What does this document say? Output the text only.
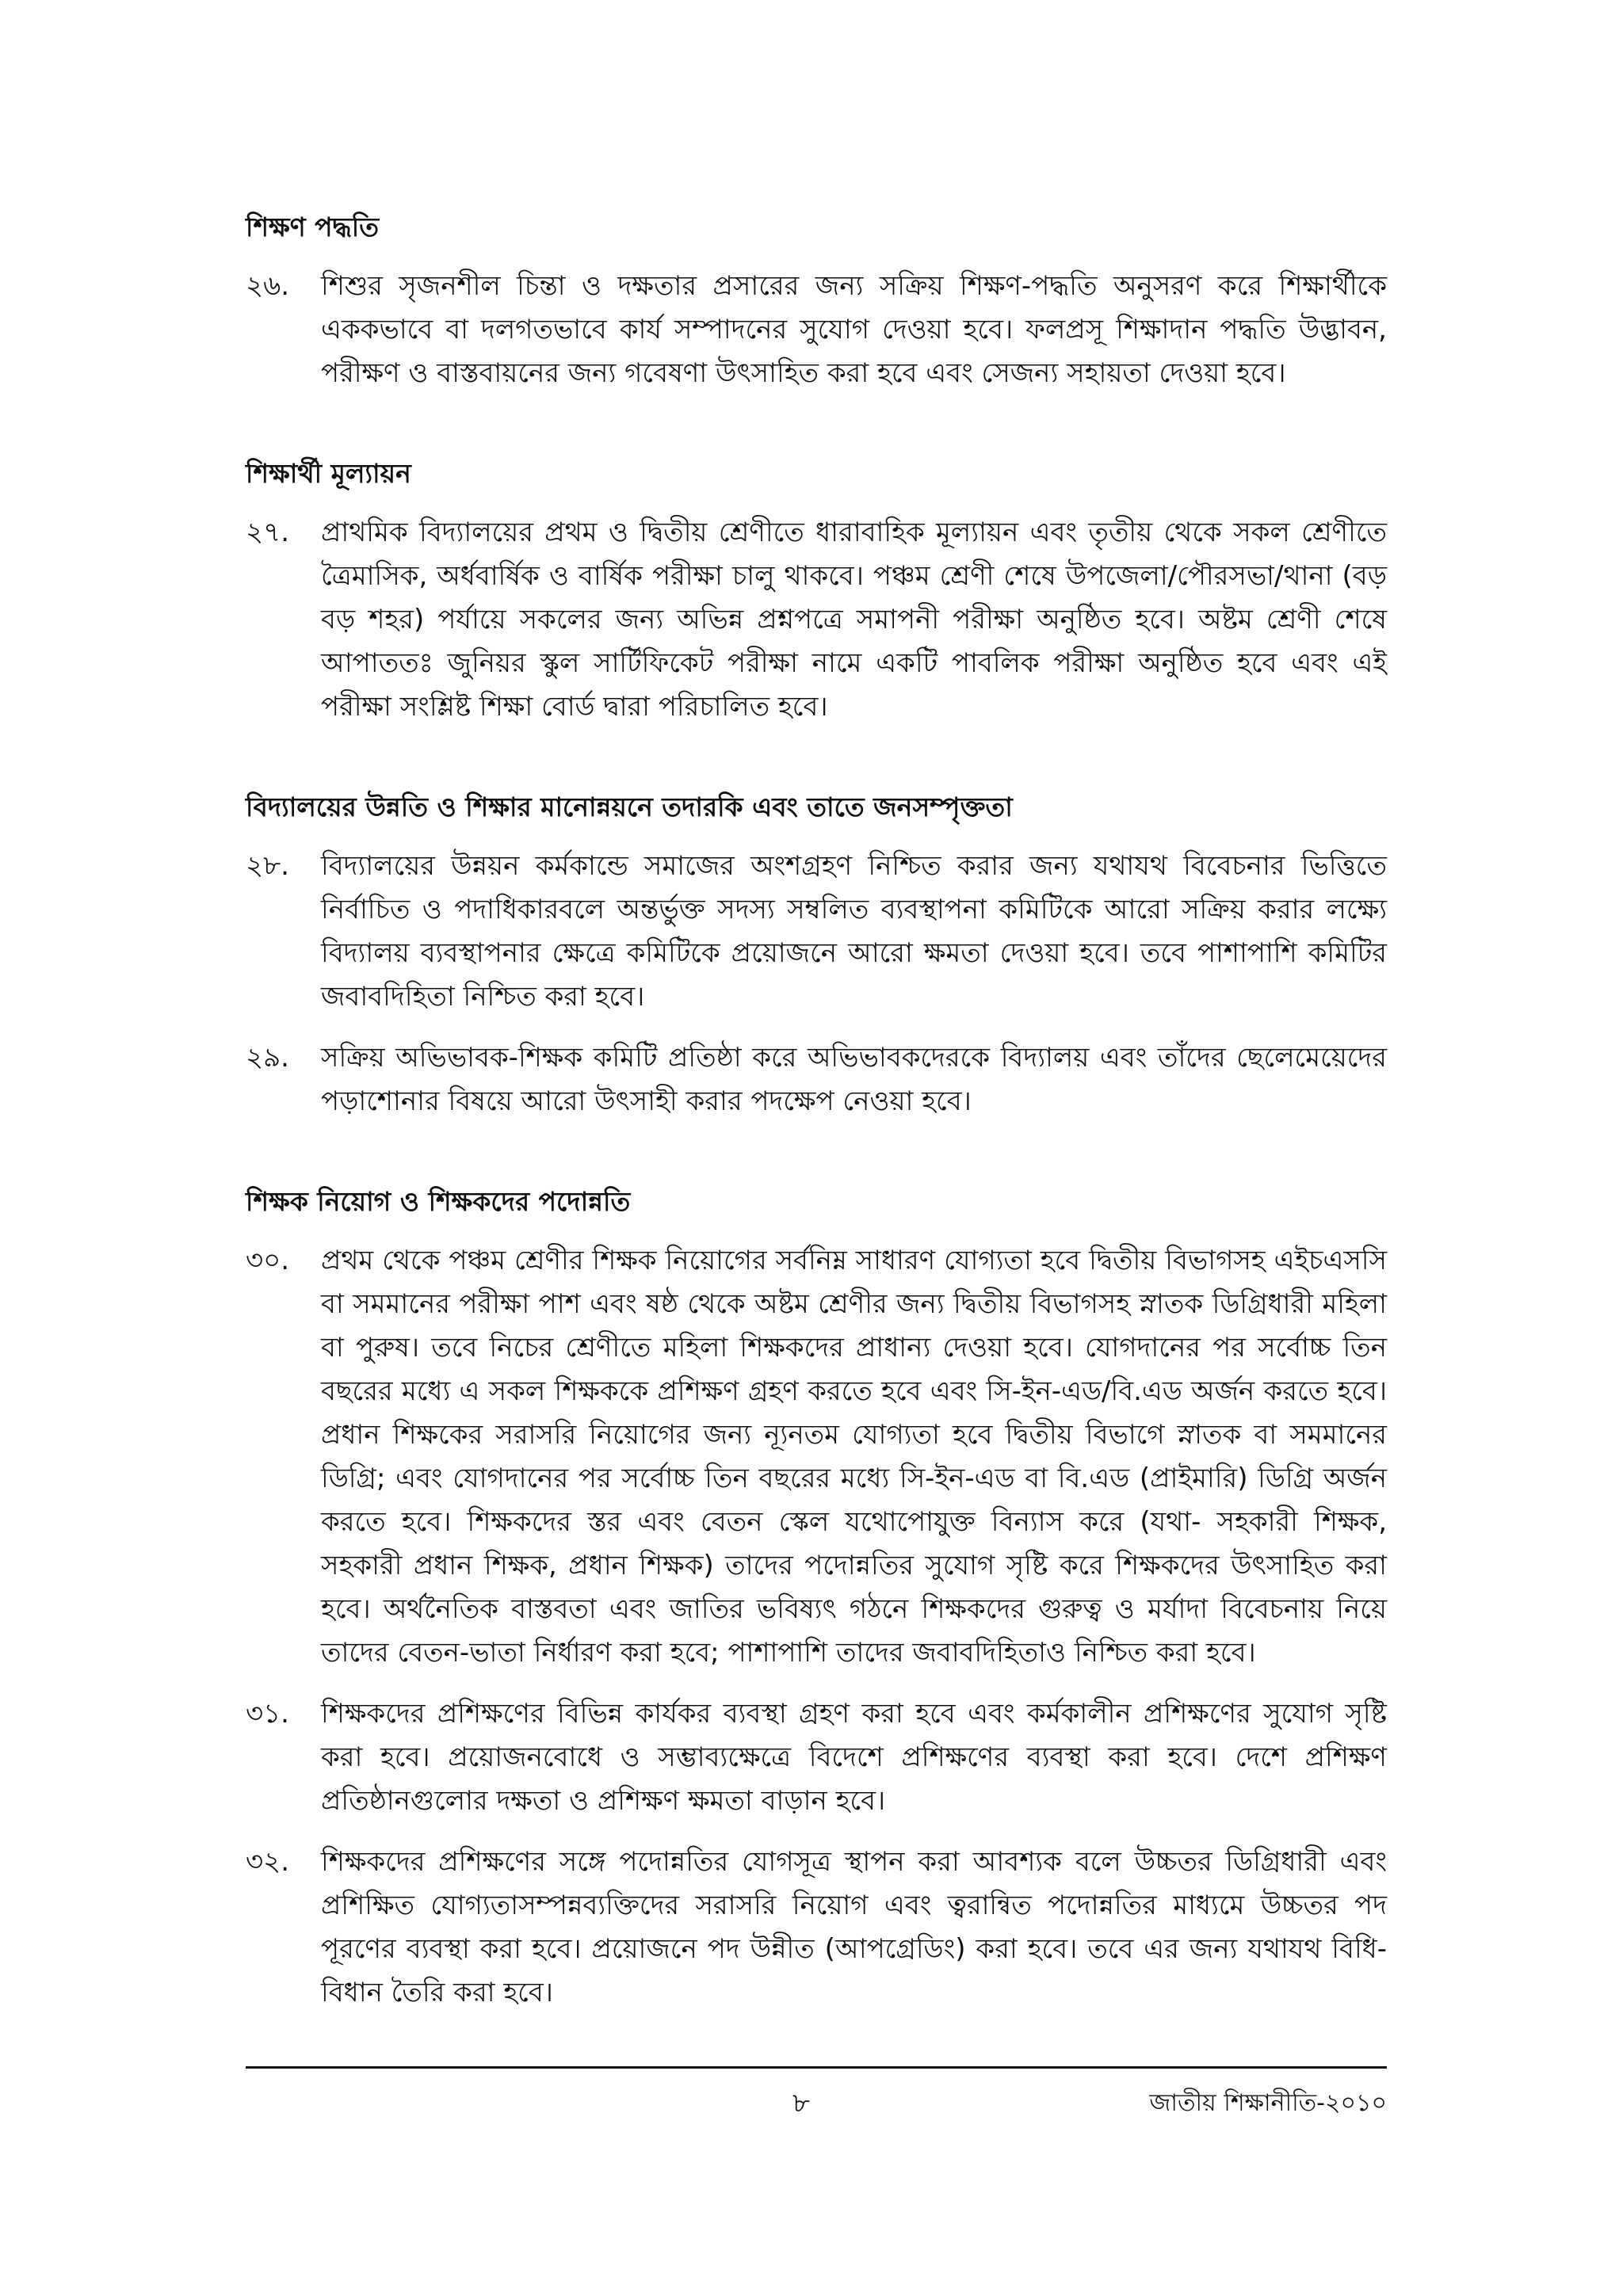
শিক্ষণ পদ্ধতি
২৬. শিশুর সৃজনশীল চিন্তা ও দক্ষতার প্রসারের জন্য সক্রিয় শিক্ষণ-পদ্ধতি অনুসরণ করে শিক্ষার্থীকে এককভাবে বা দলগতভাবে কার্য সম্পাদনের সুযোগ দেওয়া হবে। ফলপ্রসূ শিক্ষাদান পদ্ধতি উদ্ভাবন, পরীক্ষণ ও বাস্তবায়নের জন্য গবেষণা উৎসাহিত করা হবে এবং সেজন্য সহায়তা দেওয়া হবে।

শিক্ষার্থী মূল্যায়ন
২৭. প্রাথমিক বিদ্যালয়ের প্রথম ও দ্বিতীয় শ্রেণীতে ধারাবাহিক মূল্যায়ন এবং তৃতীয় থেকে সকল শ্রেণীতে ত্রৈমাসিক, অর্ধবার্ষিক ও বার্ষিক পরীক্ষা চালু থাকবে। পঞ্চম শ্রেণী শেষে উপজেলা/পৌরসভা/থানা (বড় বড় শহর) পর্যায়ে সকলের জন্য অভিন্ন প্রশ্নপত্রে সমাপনী পরীক্ষা অনুষ্ঠিত হবে। অষ্টম শ্রেণী শেষে আপাততঃ জুনিয়র স্কুল সার্টিফিকেট পরীক্ষা নামে একটি পাবলিক পরীক্ষা অনুষ্ঠিত হবে এবং এই পরীক্ষা সংশ্লিষ্ট শিক্ষা বোর্ড দ্বারা পরিচালিত হবে।

বিদ্যালয়ের উন্নতি ও শিক্ষার মানোন্নয়নে তদারকি এবং তাতে জনসম্পৃক্ততা
২৮. বিদ্যালয়ের উন্নয়ন কর্মকান্ডে সমাজের অংশগ্রহণ নিশ্চিত করার জন্য যথাযথ বিবেচনার ভিত্তিতে নির্বাচিত ও পদাধিকারবলে অন্তর্ভুক্ত সদস্য সম্বলিত ব্যবস্থাপনা কমিটিকে আরো সক্রিয় করার লক্ষ্যে বিদ্যালয় ব্যবস্থাপনার ক্ষেত্রে কমিটিকে প্রয়োজনে আরো ক্ষমতা দেওয়া হবে। তবে পাশাপাশি কমিটির জবাবদিহিতা নিশ্চিত করা হবে।

২৯. সক্রিয় অভিভাবক-শিক্ষক কমিটি প্রতিষ্ঠা করে অভিভাবকদেরকে বিদ্যালয় এবং তাঁদের ছেলেমেয়েদের পড়াশোনার বিষয়ে আরো উৎসাহী করার পদক্ষেপ নেওয়া হবে।

শিক্ষক নিয়োগ ও শিক্ষকদের পদোন্নতি
৩০. প্রথম থেকে পঞ্চম শ্রেণীর শিক্ষক নিয়োগের সর্বনিম্ন সাধারণ যোগ্যতা হবে দ্বিতীয় বিভাগসহ এইচএসসি বা সমমানের পরীক্ষা পাশ এবং ষষ্ঠ থেকে অষ্টম শ্রেণীর জন্য দ্বিতীয় বিভাগসহ স্নাতক ডিগ্রিধারী মহিলা বা পুরুষ। তবে নিচের শ্রেণীতে মহিলা শিক্ষকদের প্রাধান্য দেওয়া হবে। যোগদানের পর সর্বোচ্চ তিন বছরের মধ্যে এ সকল শিক্ষককে প্রশিক্ষণ গ্রহণ করতে হবে এবং সি-ইন-এড/বি.এড অর্জন করতে হবে। প্রধান শিক্ষকের সরাসরি নিয়োগের জন্য ন্যূনতম যোগ্যতা হবে দ্বিতীয় বিভাগে স্নাতক বা সমমানের ডিগ্রি; এবং যোগদানের পর সর্বোচ্চ তিন বছরের মধ্যে সি-ইন-এড বা বি.এড (প্রাইমারি) ডিগ্রি অর্জন করতে হবে। শিক্ষকদের স্তর এবং বেতন স্কেল যথোপোযুক্ত বিন্যাস করে (যথা- সহকারী শিক্ষক, সহকারী প্রধান শিক্ষক, প্রধান শিক্ষক) তাদের পদোন্নতির সুযোগ সৃষ্টি করে শিক্ষকদের উৎসাহিত করা হবে। অর্থনৈতিক বাস্তবতা এবং জাতির ভবিষ্যৎ গঠনে শিক্ষকদের গুরুত্ব ও মর্যাদা বিবেচনায় নিয়ে তাদের বেতন-ভাতা নির্ধারণ করা হবে; পাশাপাশি তাদের জবাবদিহিতাও নিশ্চিত করা হবে।

৩১. শিক্ষকদের প্রশিক্ষণের বিভিন্ন কার্যকর ব্যবস্থা গ্রহণ করা হবে এবং কর্মকালীন প্রশিক্ষণের সুযোগ সৃষ্টি করা হবে। প্রয়োজনবোধে ও সম্ভাব্যক্ষেত্রে বিদেশে প্রশিক্ষণের ব্যবস্থা করা হবে। দেশে প্রশিক্ষণ প্রতিষ্ঠানগুলোর দক্ষতা ও প্রশিক্ষণ ক্ষমতা বাড়ান হবে।

৩২. শিক্ষকদের প্রশিক্ষণের সঙ্গে পদোন্নতির যোগসূত্র স্থাপন করা আবশ্যক বলে উচ্চতর ডিগ্রিধারী এবং প্রশিক্ষিত যোগ্যতাসম্পন্নব্যক্তিদের সরাসরি নিয়োগ এবং ত্বরান্বিত পদোন্নতির মাধ্যমে উচ্চতর পদ পূরণের ব্যবস্থা করা হবে। প্রয়োজনে পদ উন্নীত (আপগ্রেডিং) করা হবে। তবে এর জন্য যথাযথ বিধি-বিধান তৈরি করা হবে।

৮	জাতীয় শিক্ষানীতি-২০১০
